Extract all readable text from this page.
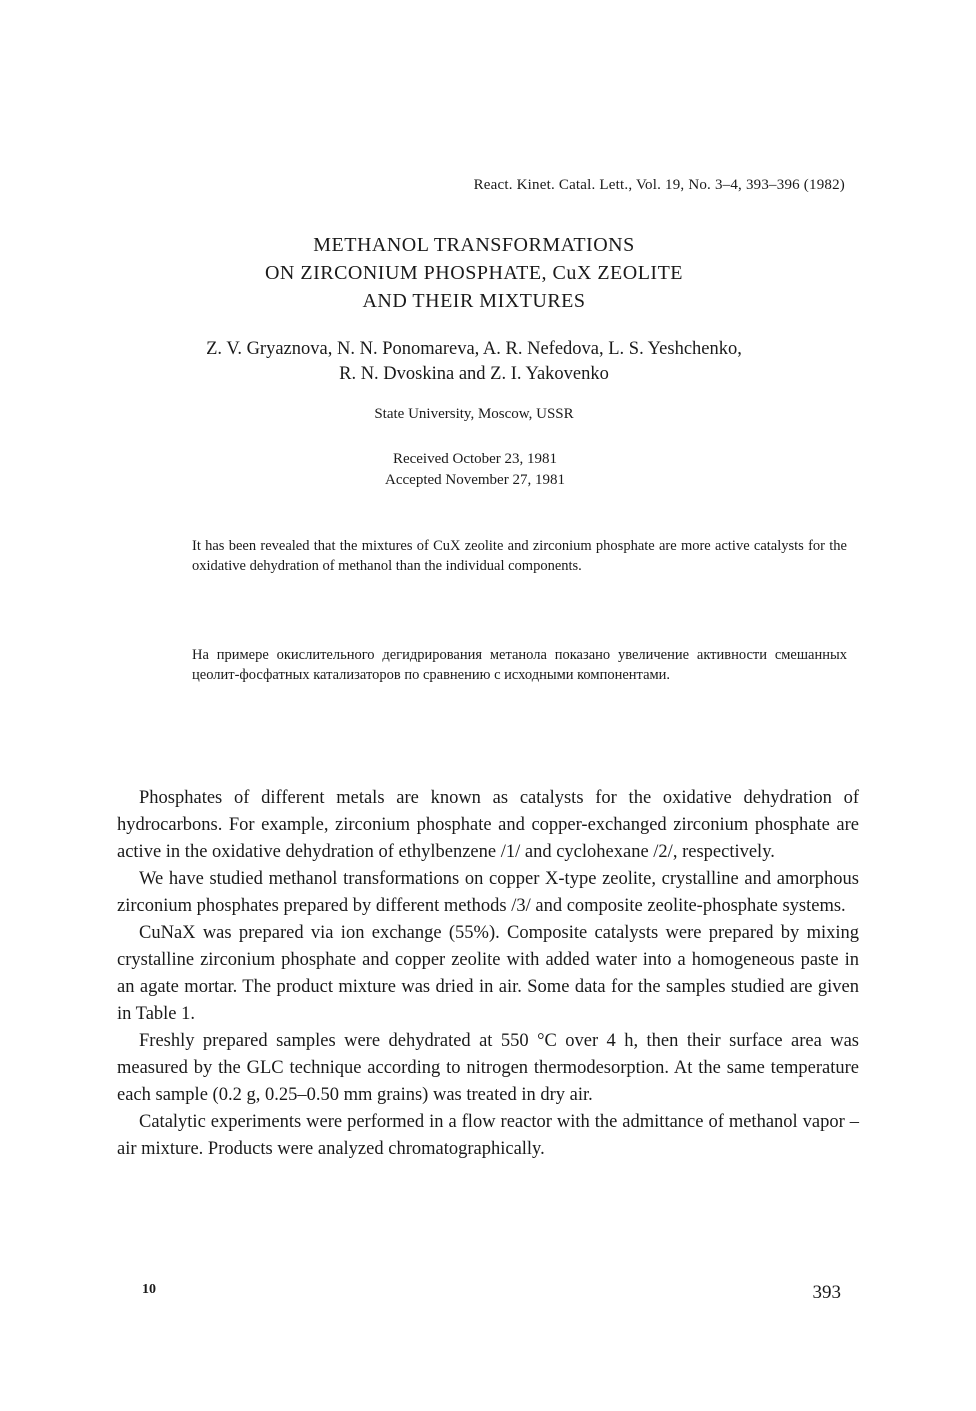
React. Kinet. Catal. Lett., Vol. 19, No. 3–4, 393–396 (1982)
METHANOL TRANSFORMATIONS
ON ZIRCONIUM PHOSPHATE, CuX ZEOLITE
AND THEIR MIXTURES
Z. V. Gryaznova, N. N. Ponomareva, A. R. Nefedova, L. S. Yeshchenko,
R. N. Dvoskina and Z. I. Yakovenko
State University, Moscow, USSR
Received October 23, 1981
Accepted November 27, 1981
It has been revealed that the mixtures of CuX zeolite and zirconium phosphate are more active catalysts for the oxidative dehydration of methanol than the individual components.
На примере окислительного дегидрирования метанола показано увеличение активности смешанных цеолит-фосфатных катализаторов по сравнению с исходными компонентами.

Phosphates of different metals are known as catalysts for the oxidative dehydration of hydrocarbons. For example, zirconium phosphate and copper-exchanged zirconium phosphate are active in the oxidative dehydration of ethylbenzene /1/ and cyclohexane /2/, respectively.

We have studied methanol transformations on copper X-type zeolite, crystalline and amorphous zirconium phosphates prepared by different methods /3/ and composite zeolite-phosphate systems.

CuNaX was prepared via ion exchange (55%). Composite catalysts were prepared by mixing crystalline zirconium phosphate and copper zeolite with added water into a homogeneous paste in an agate mortar. The product mixture was dried in air. Some data for the samples studied are given in Table 1.

Freshly prepared samples were dehydrated at 550 °C over 4 h, then their surface area was measured by the GLC technique according to nitrogen thermodesorption. At the same temperature each sample (0.2 g, 0.25–0.50 mm grains) was treated in dry air.

Catalytic experiments were performed in a flow reactor with the admittance of methanol vapor – air mixture. Products were analyzed chromatographically.

10	393
